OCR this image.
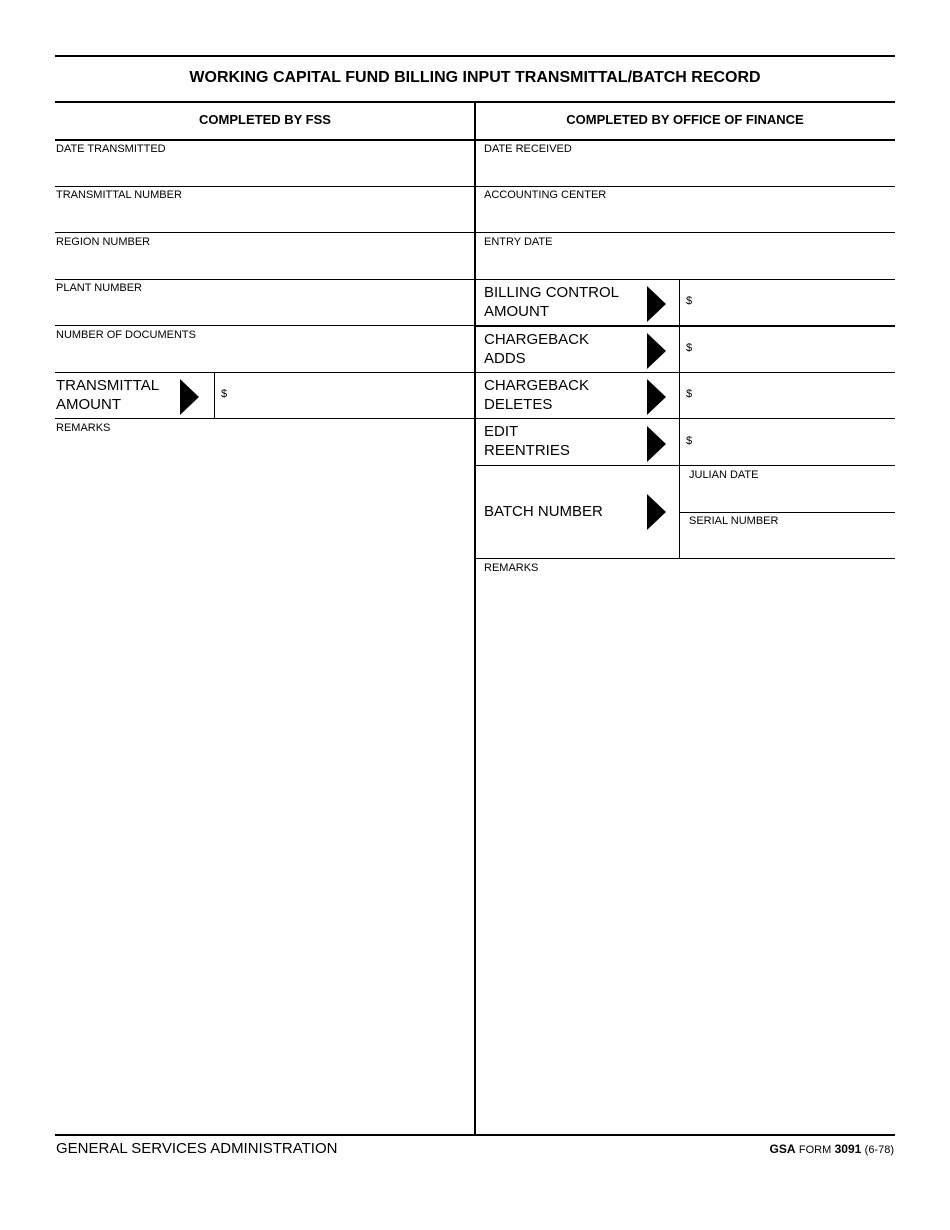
WORKING CAPITAL FUND BILLING INPUT TRANSMITTAL/BATCH RECORD
COMPLETED BY FSS	COMPLETED BY OFFICE OF FINANCE
DATE TRANSMITTED
TRANSMITTAL NUMBER
REGION NUMBER
PLANT NUMBER
NUMBER OF DOCUMENTS
TRANSMITTAL
AMOUNT
$
REMARKS
DATE RECEIVED
ACCOUNTING CENTER
ENTRY DATE
BILLING CONTROL
AMOUNT
$
CHARGEBACK
ADDS
$
CHARGEBACK
DELETES
$
EDIT
REENTRIES
$
BATCH NUMBER
JULIAN DATE
SERIAL NUMBER
REMARKS
GENERAL SERVICES ADMINISTRATION	GSA FORM 3091 (6-78)
